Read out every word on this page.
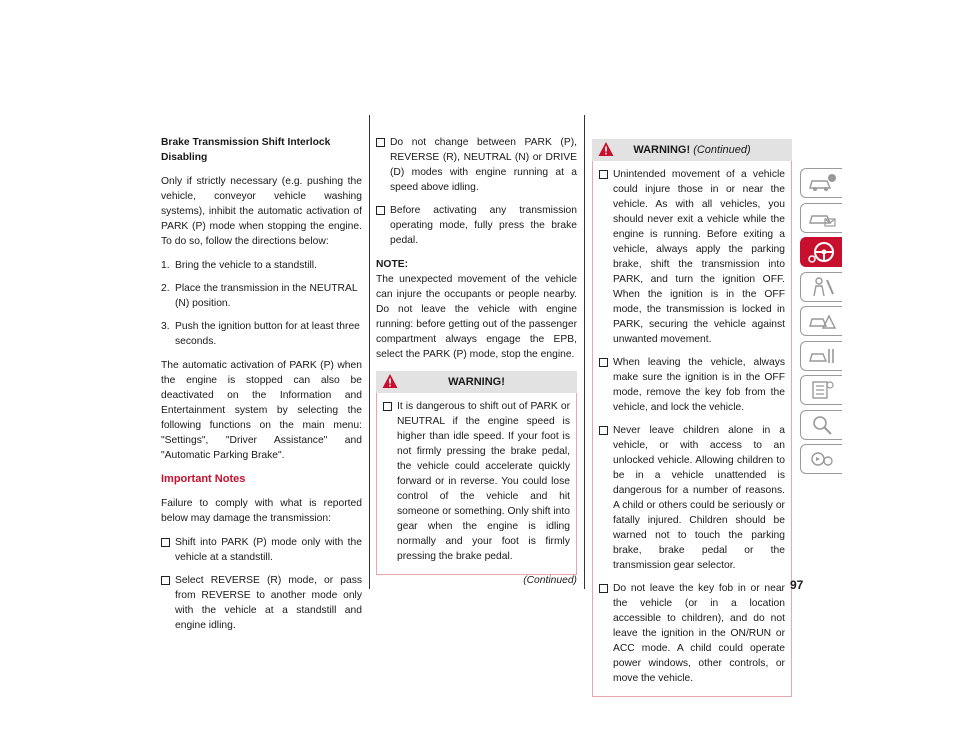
Brake Transmission Shift Interlock Disabling

Only if strictly necessary (e.g. pushing the vehicle, conveyor vehicle washing systems), inhibit the automatic activation of PARK (P) mode when stopping the engine. To do so, follow the directions below:

1. Bring the vehicle to a standstill.
2. Place the transmission in the NEUTRAL (N) position.
3. Push the ignition button for at least three seconds.

The automatic activation of PARK (P) when the engine is stopped can also be deactivated on the Information and Entertainment system by selecting the following functions on the main menu: "Settings", "Driver Assistance" and "Automatic Parking Brake".

Important Notes

Failure to comply with what is reported below may damage the transmission:

Shift into PARK (P) mode only with the vehicle at a standstill.
Select REVERSE (R) mode, or pass from REVERSE to another mode only with the vehicle at a standstill and engine idling.
Do not change between PARK (P), REVERSE (R), NEUTRAL (N) or DRIVE (D) modes with engine running at a speed above idling.
Before activating any transmission operating mode, fully press the brake pedal.
NOTE:

The unexpected movement of the vehicle can injure the occupants or people nearby. Do not leave the vehicle with engine running: before getting out of the passenger compartment always engage the EPB, select the PARK (P) mode, stop the engine.

WARNING!
It is dangerous to shift out of PARK or NEUTRAL if the engine speed is higher than idle speed. If your foot is not firmly pressing the brake pedal, the vehicle could accelerate quickly forward or in reverse. You could lose control of the vehicle and hit someone or something. Only shift into gear when the engine is idling normally and your foot is firmly pressing the brake pedal.
(Continued)
WARNING! (Continued)
Unintended movement of a vehicle could injure those in or near the vehicle. As with all vehicles, you should never exit a vehicle while the engine is running. Before exiting a vehicle, always apply the parking brake, shift the transmission into PARK, and turn the ignition OFF. When the ignition is in the OFF mode, the transmission is locked in PARK, securing the vehicle against unwanted movement.
When leaving the vehicle, always make sure the ignition is in the OFF mode, remove the key fob from the vehicle, and lock the vehicle.
Never leave children alone in a vehicle, or with access to an unlocked vehicle. Allowing children to be in a vehicle unattended is dangerous for a number of reasons. A child or others could be seriously or fatally injured. Children should be warned not to touch the parking brake, brake pedal or the transmission gear selector.
Do not leave the key fob in or near the vehicle (or in a location accessible to children), and do not leave the ignition in the ON/RUN or ACC mode. A child could operate power windows, other controls, or move the vehicle.
97
